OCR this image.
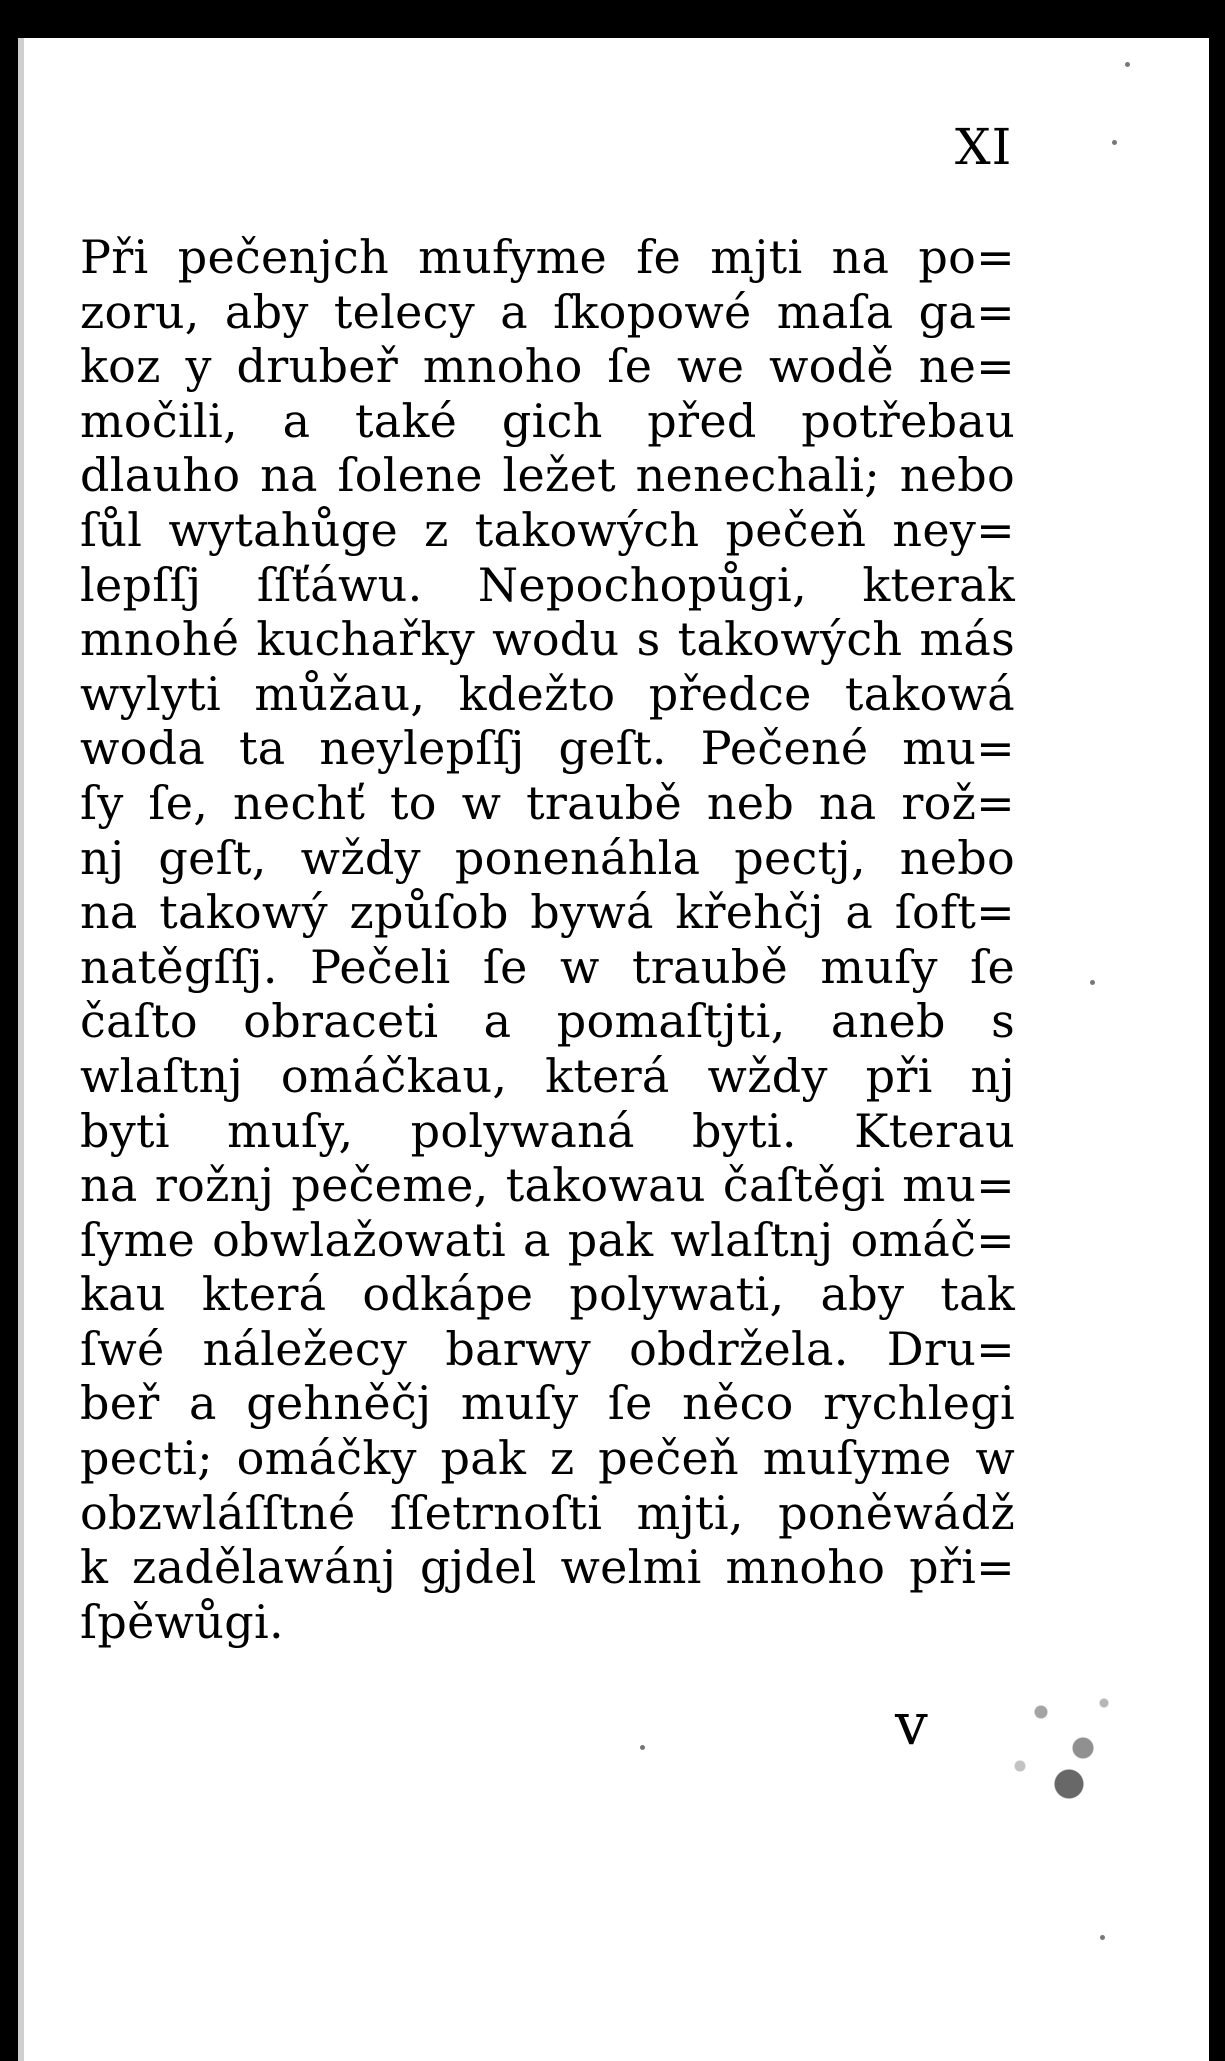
XI
Při pečenjch mufyme fe mjti na po=
zoru, aby telecy a ſkopowé maſa ga=
koz y drubeř mnoho ſe we wodě ne=
močili, a také gich před potřebau
dlauho na ſolene ležet nenechali; nebo
ſůl wytahůge z takowých pečeň ney=
lepſſj ſſťáwu. Nepochopůgi, kterak
mnohé kuchařky wodu s takowých más
wylyti můžau, kdežto předce takowá
woda ta neylepſſj geſt. Pečené mu=
ſy ſe, nechť to w traubě neb na rož=
nj geſt, wždy ponenáhla pectj, nebo
na takowý způſob bywá křehčj a ſoft=
natěgſſj. Pečeli ſe w traubě muſy ſe
čaſto obraceti a pomaſtjti, aneb s
wlaſtnj omáčkau, která wždy při nj
byti muſy, polywaná byti. Kterau
na rožnj pečeme, takowau čaſtěgi mu=
ſyme obwlažowati a pak wlaſtnj omáč=
kau která odkápe polywati, aby tak
ſwé náležecy barwy obdržela. Dru=
beř a gehněčj muſy ſe něco rychlegi
pecti; omáčky pak z pečeň muſyme w
obzwláſſtné ſſetrnoſti mjti, poněwádž
k zadělawánj gjdel welmi mnoho při=
ſpěwůgi.
v
